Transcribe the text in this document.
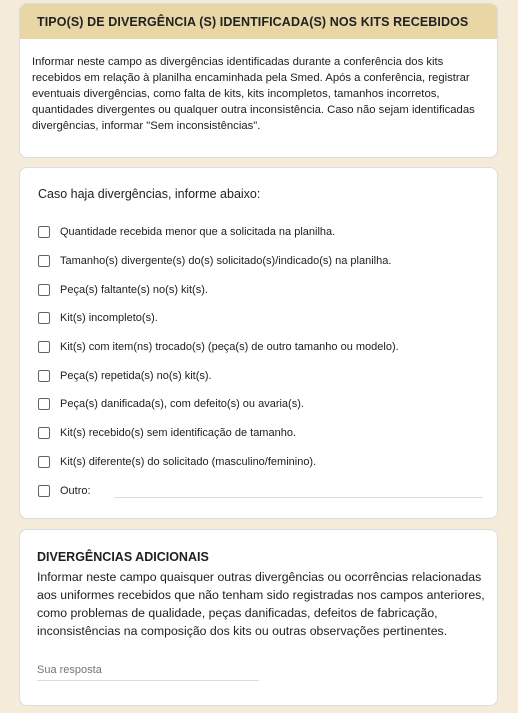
TIPO(S) DE DIVERGÊNCIA (S) IDENTIFICADA(S) NOS KITS RECEBIDOS
Informar neste campo as divergências identificadas durante a conferência dos kits recebidos em relação à planilha encaminhada pela Smed. Após a conferência, registrar eventuais divergências, como falta de kits, kits incompletos, tamanhos incorretos, quantidades divergentes ou qualquer outra inconsistência. Caso não sejam identificadas divergências, informar "Sem inconsistências".
Caso haja divergências, informe abaixo:
Quantidade recebida menor que a solicitada na planilha.
Tamanho(s) divergente(s) do(s) solicitado(s)/indicado(s) na planilha.
Peça(s) faltante(s) no(s) kit(s).
Kit(s) incompleto(s).
Kit(s) com item(ns) trocado(s) (peça(s) de outro tamanho ou modelo).
Peça(s) repetida(s) no(s) kit(s).
Peça(s) danificada(s), com defeito(s) ou avaria(s).
Kit(s) recebido(s) sem identificação de tamanho.
Kit(s) diferente(s) do solicitado (masculino/feminino).
Outro:
DIVERGÊNCIAS ADICIONAIS
Informar neste campo quaisquer outras divergências ou ocorrências relacionadas aos uniformes recebidos que não tenham sido registradas nos campos anteriores, como problemas de qualidade, peças danificadas, defeitos de fabricação, inconsistências na composição dos kits ou outras observações pertinentes.
Sua resposta
